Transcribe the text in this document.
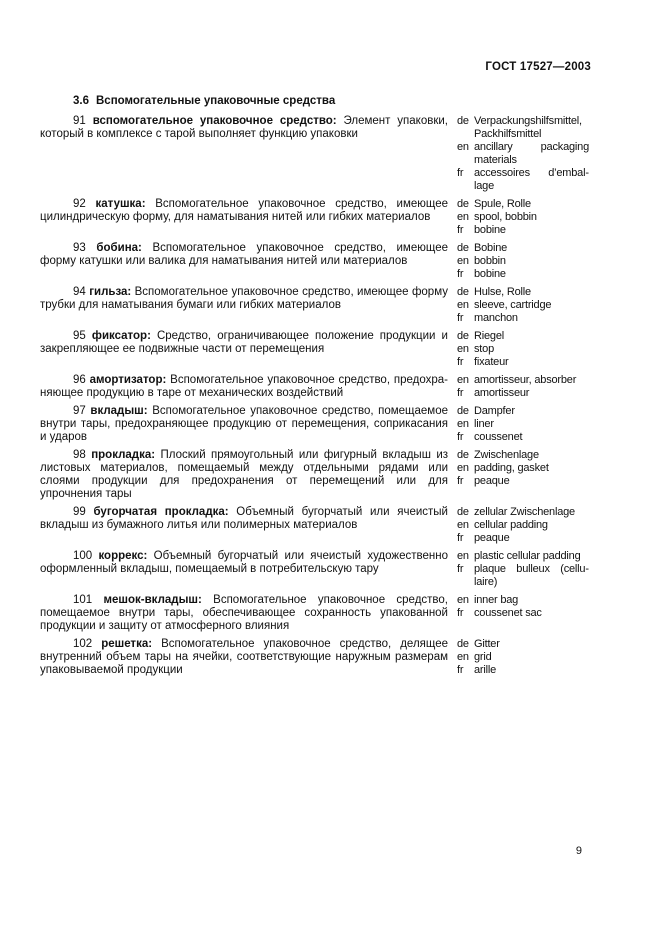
ГОСТ 17527—2003
3.6 Вспомогательные упаковочные средства

91 вспомогательное упаковочное средство: Элемент упаковки, который в комплексе с тарой выполняет функцию упаковки

de Verpackungshilfsmittel, Packhilfsmittel
en ancillary packaging materials
fr accessoires d’emballage

92 катушка: Вспомогательное упаковочное средство, имеющее цилиндрическую форму, для наматывания нитей или гибких материалов

de Spule, Rolle
en spool, bobbin
fr bobine

93 бобина: Вспомогательное упаковочное средство, имеющее форму катушки или валика для наматывания нитей или материалов

de Bobine
en bobbin
fr bobine

94 гильза: Вспомогательное упаковочное средство, имеющее форму трубки для наматывания бумаги или гибких материалов

de Hulse, Rolle
en sleeve, cartridge
fr manchon

95 фиксатор: Средство, ограничивающее положение продукции и закрепляющее ее подвижные части от перемещения

de Riegel
en stop
fr fixateur

96 амортизатор: Вспомогательное упаковочное средство, предохраняющее продукцию в таре от механических воздействий

en amortisseur, absorber
fr amortisseur

97 вкладыш: Вспомогательное упаковочное средство, помещаемое внутри тары, предохраняющее продукцию от перемещения, соприкасания и ударов

de Dampfer
en liner
fr coussenet

98 прокладка: Плоский прямоугольный или фигурный вкладыш из листовых материалов, помещаемый между отдельными рядами или слоями продукции для предохранения от перемещений или для упрочнения тары

de Zwischenlage
en padding, gasket
fr peaque

99 бугорчатая прокладка: Объемный бугорчатый или ячеистый вкладыш из бумажного литья или полимерных материалов

de zellular Zwischenlage
en cellular padding
fr peaque

100 коррекс: Объемный бугорчатый или ячеистый художественно оформленный вкладыш, помещаемый в потребительскую тару

en plastic cellular padding
fr plaque bulleux (cellulaire)

101 мешок-вкладыш: Вспомогательное упаковочное средство, помещаемое внутри тары, обеспечивающее сохранность упакованной продукции и защиту от атмосферного влияния

en inner bag
fr coussenet sac

102 решетка: Вспомогательное упаковочное средство, делящее внутренний объем тары на ячейки, соответствующие наружным размерам упаковываемой продукции

de Gitter
en grid
fr arille
9
